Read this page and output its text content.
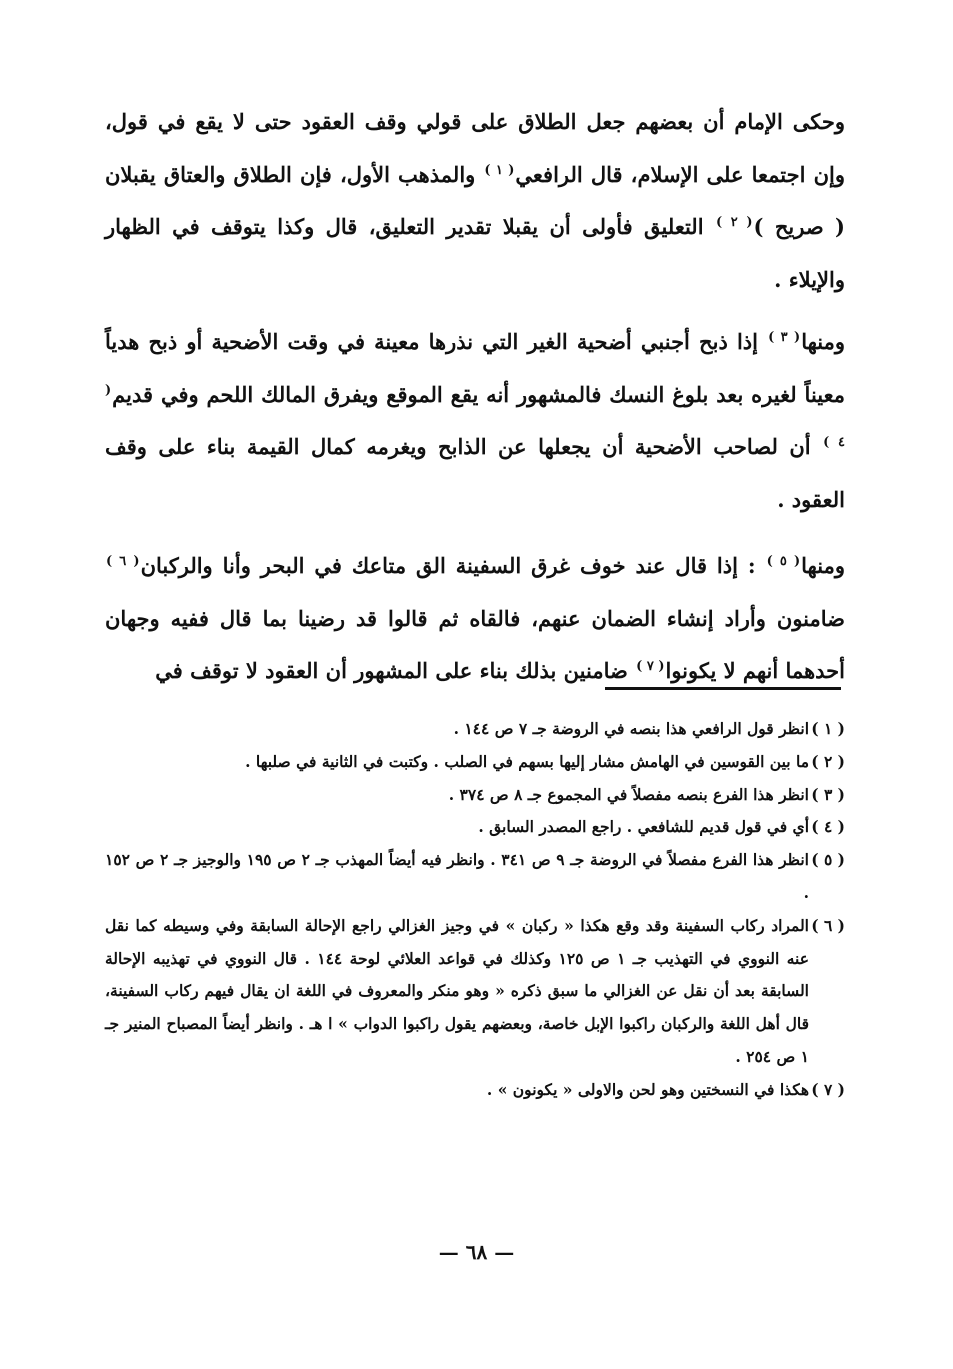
وحكى الإمام أن بعضهم جعل الطلاق على قولي وقف العقود حتى لا يقع في قول، وإن اجتمعا على الإسلام، قال الرافعي$^{( ١ )}$ والمذهب الأول، فإن الطلاق والعتاق يقبلان ( صريح )$^{( ٢ )}$ التعليق فأولى أن يقبلا تقدير التعليق، قال وكذا يتوقف في الظهار والإيلاء .

ومنها$^{( ٣ )}$ إذا ذبح أجنبي أضحية الغير التي نذرها معينة في وقت الأضحية أو ذبح هدياً معيناً لغيره بعد بلوغ النسك فالمشهور أنه يقع الموقع ويفرق المالك اللحم وفي قديم$^{( ٤ )}$ أن لصاحب الأضحية أن يجعلها عن الذابح ويغرمه كمال القيمة بناء على وقف العقود .

ومنها$^{( ٥ )}$ : إذا قال عند خوف غرق السفينة الق متاعك في البحر وأنا والركبان$^{( ٦ )}$ ضامنون وأراد إنشاء الضمان عنهم، فالقاه ثم قالوا قد رضينا بما قال ففيه وجهان أحدهما أنهم لا يكونوا$^{( ٧ )}$ ضامنين بذلك بناء على المشهور أن العقود لا توقف في

( ١ )
انظر قول الرافعي هذا بنصه في الروضة جـ ٧ ص ١٤٤ .
( ٢ )
ما بين القوسين في الهامش مشار إليها بسهم في الصلب . وكتبت في الثانية في صلبها .
( ٣ )
انظر هذا الفرع بنصه مفصلاً في المجموع جـ ٨ ص ٣٧٤ .
( ٤ )
أي في قول قديم للشافعي . راجع المصدر السابق .
( ٥ )
انظر هذا الفرع مفصلاً في الروضة جـ ٩ ص ٣٤١ . وانظر فيه أيضاً المهذب جـ ٢ ص ١٩٥ والوجيز جـ ٢ ص ١٥٢ .
( ٦ )
المراد ركاب السفينة وقد وقع هكذا « ركبان » في وجيز الغزالي راجع الإحالة السابقة وفي وسيطه كما نقل عنه النووي في التهذيب جـ ١ ص ١٢٥ وكذلك في قواعد العلائي لوحة ١٤٤ . قال النووي في تهذيبه الإحالة السابقة بعد أن نقل عن الغزالي ما سبق ذكره « وهو منكر والمعروف في اللغة ان يقال فيهم ركاب السفينة، قال أهل اللغة والركبان راكبوا الإبل خاصة، وبعضهم يقول راكبوا الدواب » ا هـ . وانظر أيضاً المصباح المنير جـ ١ ص ٢٥٤ .
( ٧ )
هكذا في النسختين وهو لحن والاولى « يكونون » .
— ٦٨ —
